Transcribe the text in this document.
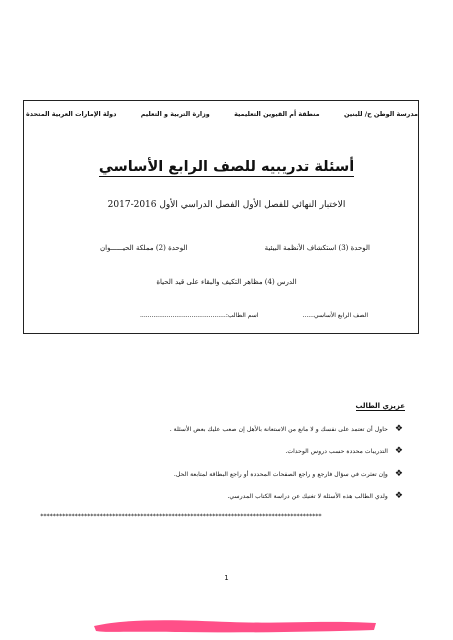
دولة الإمارات العربية المتحدة	وزارة التربية و التعليم	منطقة أم القيوين التعليمية	مدرسة الوطن ح/ للبنين
أسئلة تدريبيه للصف الرابع الأساسي
الاختبار النهائي للفصل الأول الفصل الدراسي الأول 2016-2017
الوحدة (2) مملكة الحيــــــوان	الوحدة (3) استكشاف الأنظمة البيئية
الدرس (4) مظاهر التكيف والبقاء على قيد الحياة
اسم الطالب:.............................................	الصف الرابع الأساسي......
عزيزي الطالب
❖
حاول أن تعتمد على نفسك و لا مانع من الاستعانة بالأهل إن صعب عليك بعض الأسئلة .
❖
التدريبات محددة حسب دروس الوحدات.
❖
وإن تعثرت في سؤال فارجع و راجع الصفحات المحددة أو راجع البطاقة لمتابعة الحل.
❖
ولدي الطالب هذه الأسئلة لا تغنيك عن دراسة الكتاب المدرسي.
******************************************************************************************
1
